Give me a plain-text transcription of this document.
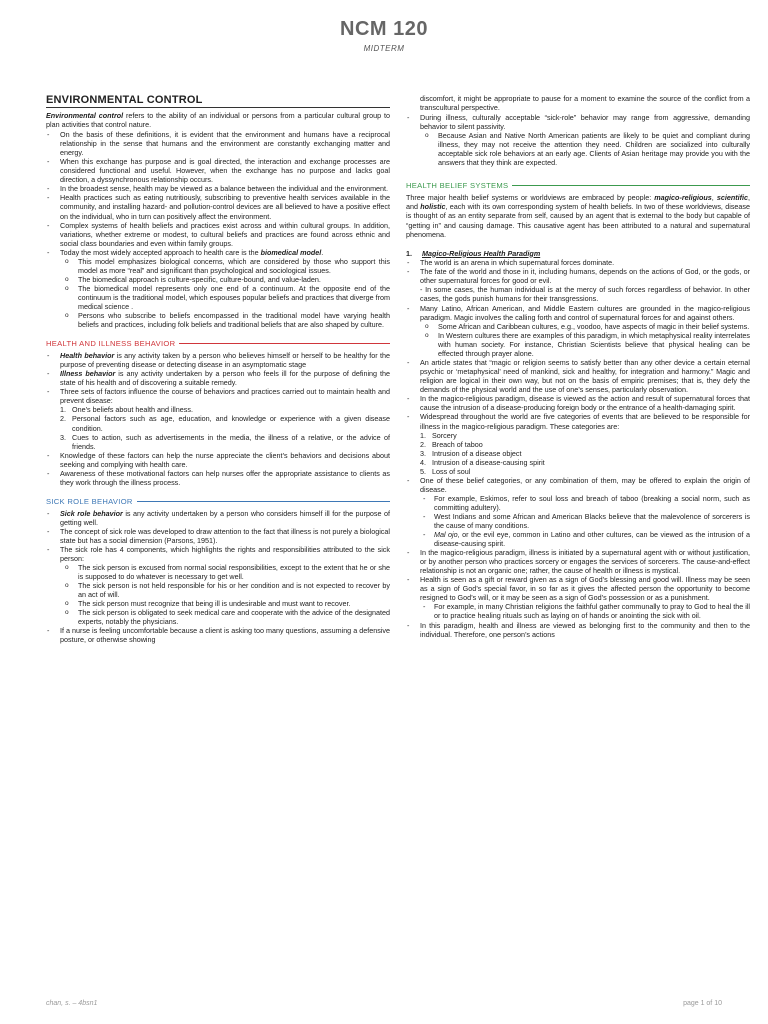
NCM 120
MIDTERM
ENVIRONMENTAL CONTROL

Environmental control refers to the ability of an individual or persons from a particular cultural group to plan activities that control nature.

- On the basis of these definitions, it is evident that the environment and humans have a reciprocal relationship in the sense that humans and the environment are constantly exchanging matter and energy.

- When this exchange has purpose and is goal directed, the interaction and exchange processes are considered functional and useful. However, when the exchange has no purpose and lacks goal direction, a dyssynchronous relationship occurs.

- In the broadest sense, health may be viewed as a balance between the individual and the environment.

- Health practices such as eating nutritiously, subscribing to preventive health services available in the community, and installing hazard- and pollution-control devices are all believed to have a positive effect on the individual, who in turn can positively affect the environment.

- Complex systems of health beliefs and practices exist across and within cultural groups. In addition, variations, whether extreme or modest, to cultural beliefs and practices are found across ethnic and social class boundaries and even within family groups.

- Today the most widely accepted approach to health care is the biomedical model.

o This model emphasizes biological concerns, which are considered by those who support this model as more “real” and significant than psychological and sociological issues.

o The biomedical approach is culture-specific, culture-bound, and value-laden.

o The biomedical model represents only one end of a continuum. At the opposite end of the continuum is the traditional model, which espouses popular beliefs and practices that diverge from medical science .

o Persons who subscribe to beliefs encompassed in the traditional model have varying health beliefs and practices, including folk beliefs and traditional beliefs that are also shaped by culture.

HEALTH AND ILLNESS BEHAVIOR

- Health behavior is any activity taken by a person who believes himself or herself to be healthy for the purpose of preventing disease or detecting disease in an asymptomatic stage

- Illness behavior is any activity undertaken by a person who feels ill for the purpose of defining the state of his health and of discovering a suitable remedy.

- Three sets of factors influence the course of behaviors and practices carried out to maintain health and prevent disease:

1. One’s beliefs about health and illness.

2. Personal factors such as age, education, and knowledge or experience with a given disease condition.

3. Cues to action, such as advertisements in the media, the illness of a relative, or the advice of friends.

- Knowledge of these factors can help the nurse appreciate the client’s behaviors and decisions about seeking and complying with health care.

- Awareness of these motivational factors can help nurses offer the appropriate assistance to clients as they work through the illness process.

SICK ROLE BEHAVIOR

- Sick role behavior is any activity undertaken by a person who considers himself ill for the purpose of getting well.

- The concept of sick role was developed to draw attention to the fact that illness is not purely a biological state but has a social dimension (Parsons, 1951).

- The sick role has 4 components, which highlights the rights and responsibilities attributed to the sick person:

o The sick person is excused from normal social responsibilities, except to the extent that he or she is supposed to do whatever is necessary to get well.

o The sick person is not held responsible for his or her condition and is not expected to recover by an act of will.

o The sick person must recognize that being ill is undesirable and must want to recover.

o The sick person is obligated to seek medical care and cooperate with the advice of the designated experts, notably the physicians.

- If a nurse is feeling uncomfortable because a client is asking too many questions, assuming a defensive posture, or otherwise showing

discomfort, it might be appropriate to pause for a moment to examine the source of the conflict from a transcultural perspective.

- During illness, culturally acceptable “sick-role” behavior may range from aggressive, demanding behavior to silent passivity.

o Because Asian and Native North American patients are likely to be quiet and compliant during illness, they may not receive the attention they need. Children are socialized into culturally acceptable sick role behaviors at an early age. Clients of Asian heritage may provide you with the answers that they think are expected.

HEALTH BELIEF SYSTEMS

Three major health belief systems or worldviews are embraced by people: magico-religious, scientific, and holistic, each with its own corresponding system of health beliefs. In two of these worldviews, disease is thought of as an entity separate from self, caused by an agent that is external to the body but capable of “getting in” and causing damage. This causative agent has been attributed to a natural and supernatural phenomena.

1. Magico-Religious Health Paradigm

- The world is an arena in which supernatural forces dominate.

- The fate of the world and those in it, including humans, depends on the actions of God, or the gods, or other supernatural forces for good or evil.

- In some cases, the human individual is at the mercy of such forces regardless of behavior. In other cases, the gods punish humans for their transgressions.

- Many Latino, African American, and Middle Eastern cultures are grounded in the magico-religious paradigm. Magic involves the calling forth and control of supernatural forces for and against others.

o Some African and Caribbean cultures, e.g., voodoo, have aspects of magic in their belief systems.

o In Western cultures there are examples of this paradigm, in which metaphysical reality interrelates with human society. For instance, Christian Scientists believe that physical healing can be effected through prayer alone.

- An article states that “magic or religion seems to satisfy better than any other device a certain eternal psychic or ‘metaphysical’ need of mankind, sick and healthy, for integration and harmony.” Magic and religion are logical in their own way, but not on the basis of empiric premises; that is, they defy the demands of the physical world and the use of one’s senses, particularly observation.

- In the magico-religious paradigm, disease is viewed as the action and result of supernatural forces that cause the intrusion of a disease-producing foreign body or the entrance of a health-damaging spirit.

- Widespread throughout the world are five categories of events that are believed to be responsible for illness in the magico-religious paradigm. These categories are:

1. Sorcery

2. Breach of taboo

3. Intrusion of a disease object

4. Intrusion of a disease-causing spirit

5. Loss of soul

- One of these belief categories, or any combination of them, may be offered to explain the origin of disease.

- For example, Eskimos, refer to soul loss and breach of taboo (breaking a social norm, such as committing adultery).

- West Indians and some African and American Blacks believe that the malevolence of sorcerers is the cause of many conditions.

- Mal ojo, or the evil eye, common in Latino and other cultures, can be viewed as the intrusion of a disease-causing spirit.

- In the magico-religious paradigm, illness is initiated by a supernatural agent with or without justification, or by another person who practices sorcery or engages the services of sorcerers. The cause-and-effect relationship is not an organic one; rather, the cause of health or illness is mystical.

- Health is seen as a gift or reward given as a sign of God’s blessing and good will. Illness may be seen as a sign of God’s special favor, in so far as it gives the affected person the opportunity to become resigned to God’s will, or it may be seen as a sign of God’s possession or as a punishment.

- For example, in many Christian religions the faithful gather communally to pray to God to heal the ill or to practice healing rituals such as laying on of hands or anointing the sick with oil.

- In this paradigm, health and illness are viewed as belonging first to the community and then to the individual. Therefore, one person’s actions

chan, s. – 4bsn1	page 1 of 10
